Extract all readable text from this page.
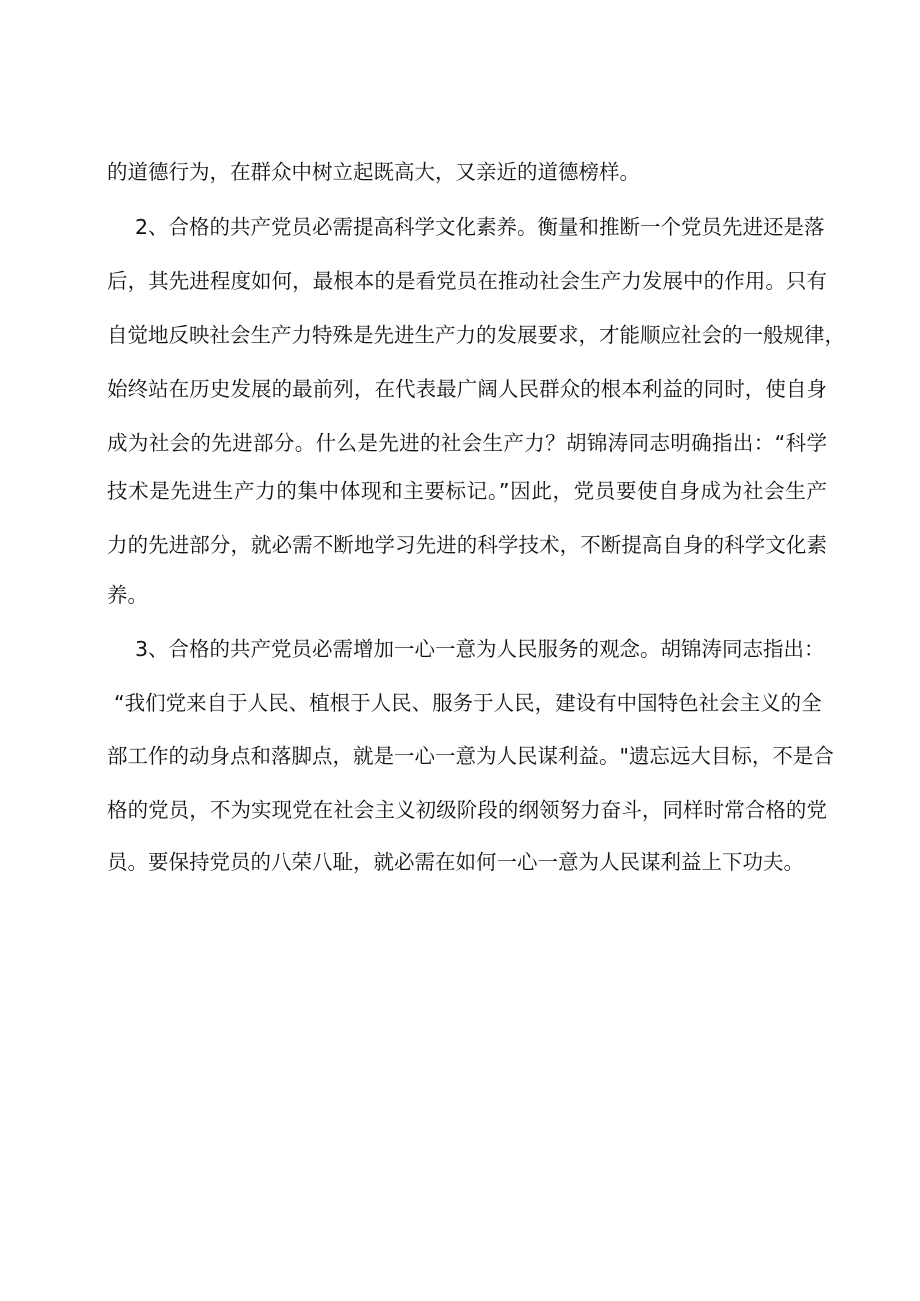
的道德行为，在群众中树立起既高大，又亲近的道德榜样。
2、合格的共产党员必需提高科学文化素养。衡量和推断一个党员先进还是落
后，其先进程度如何，最根本的是看党员在推动社会生产力发展中的作用。只有
自觉地反映社会生产力特殊是先进生产力的发展要求，才能顺应社会的一般规律，
始终站在历史发展的最前列，在代表最广阔人民群众的根本利益的同时，使自身
成为社会的先进部分。什么是先进的社会生产力？胡锦涛同志明确指出：“科学
技术是先进生产力的集中体现和主要标记。”因此，党员要使自身成为社会生产
力的先进部分，就必需不断地学习先进的科学技术，不断提高自身的科学文化素
养。
3、合格的共产党员必需增加一心一意为人民服务的观念。胡锦涛同志指出：
“我们党来自于人民、植根于人民、服务于人民，建设有中国特色社会主义的全
部工作的动身点和落脚点，就是一心一意为人民谋利益。"遗忘远大目标，不是合
格的党员，不为实现党在社会主义初级阶段的纲领努力奋斗，同样时常合格的党
员。要保持党员的八荣八耻，就必需在如何一心一意为人民谋利益上下功夫。
